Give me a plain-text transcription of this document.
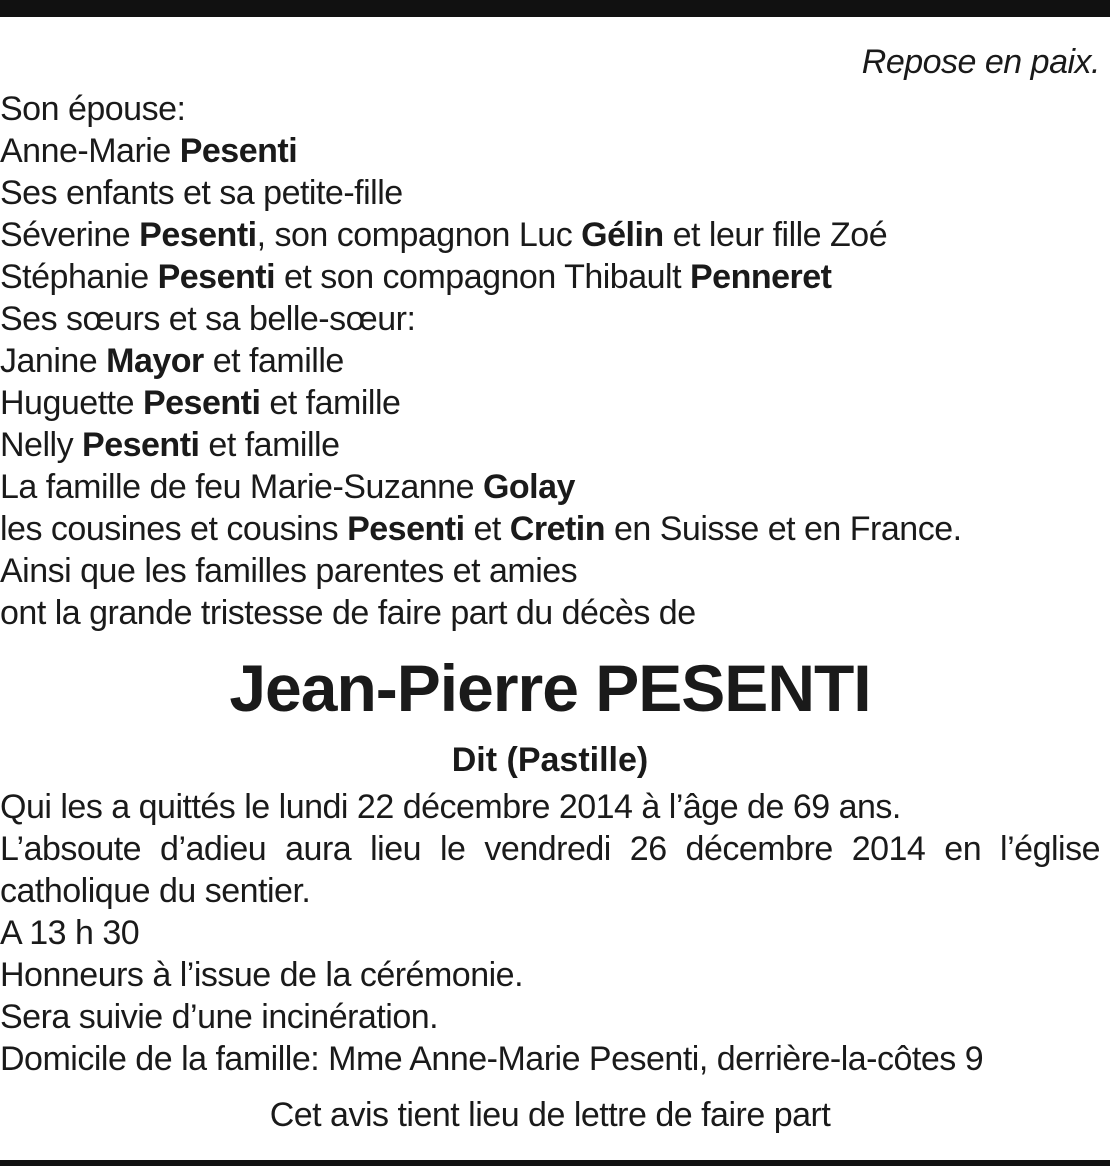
Repose en paix.
Son épouse:
Anne-Marie Pesenti
Ses enfants et sa petite-fille
Séverine Pesenti, son compagnon Luc Gélin et leur fille Zoé
Stéphanie Pesenti et son compagnon Thibault Penneret
Ses sœurs et sa belle-sœur:
Janine Mayor et famille
Huguette Pesenti et famille
Nelly Pesenti et famille
La famille de feu Marie-Suzanne Golay
les cousines et cousins Pesenti et Cretin en Suisse et en France.
Ainsi que les familles parentes et amies
ont la grande tristesse de faire part du décès de
Jean-Pierre PESENTI
Dit (Pastille)
Qui les a quittés le lundi 22 décembre 2014 à l’âge de 69 ans.
L’absoute d’adieu aura lieu le vendredi 26 décembre 2014 en l’église catholique du sentier.
A 13 h 30
Honneurs à l’issue de la cérémonie.
Sera suivie d’une incinération.
Domicile de la famille: Mme Anne-Marie Pesenti, derrière-la-côtes 9
Cet avis tient lieu de lettre de faire part
